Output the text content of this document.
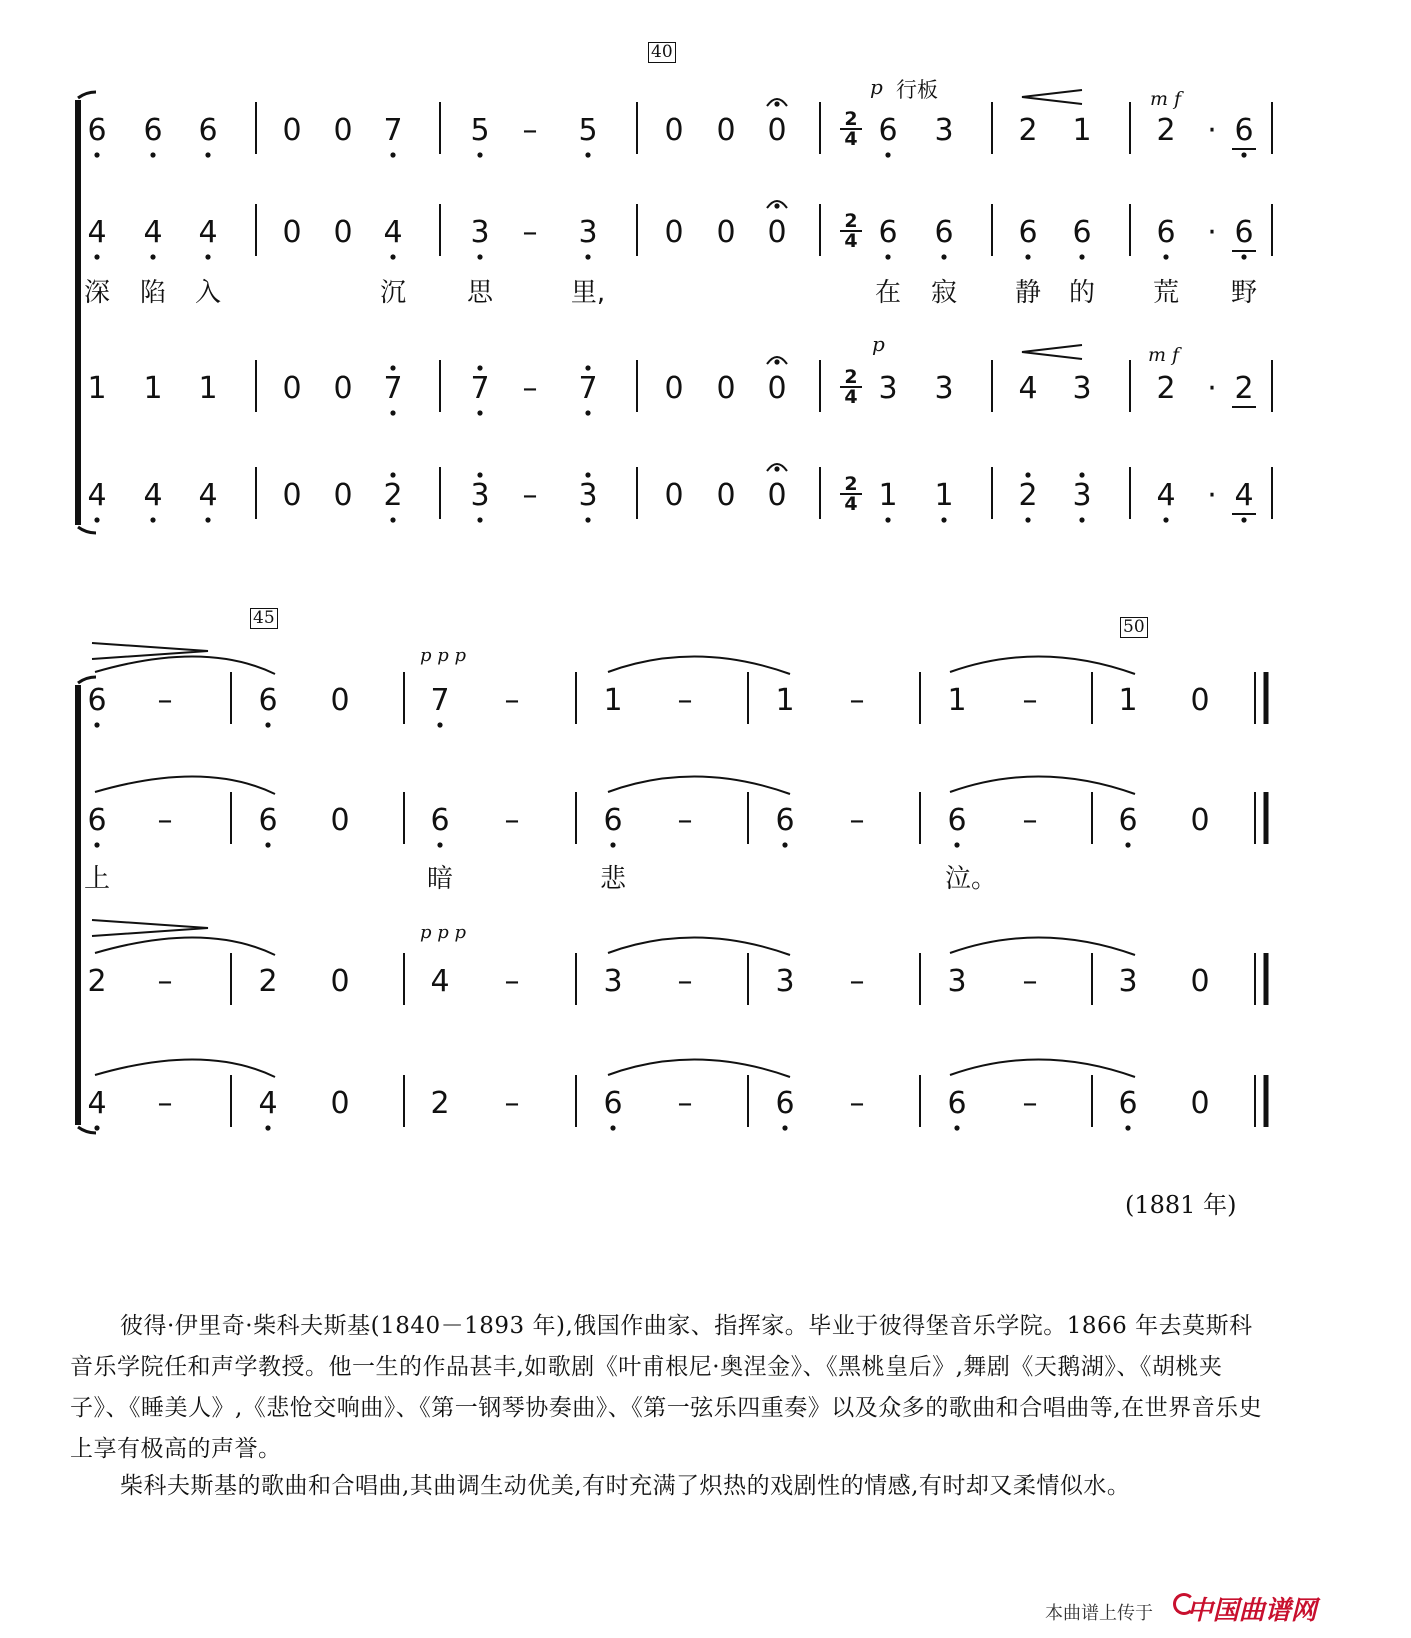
40
45	50
p 行板	m f
p	m f
p p p
p p p
6 6 6 0 0 7 5	–	5 0 0 0	6 3 2 1 2	· 6
4 4 4 0 0 4 3	–	3 0 0 0	6 6 6 6 6	· 6
1 1 1 0 0 7 7	–	7 0 0 0	3 3 4 3 2	· 2
4 4 4 0 0 2 3	–	3 0 0 0	1 1 2 3 4	· 4
6	–	6 0	7	–	1	–	1	–	1	–	1 0
6	–	6 0	6	–	6	–	6	–	6	–	6 0
2	–	2 0	4	–	3	–	3	–	3	–	3 0
4	–	4 0	2	–	6	–	6	–	6	–	6 0
2
4
2
4
2
4
2
4
深 陷 入	沉 思	里,	在 寂 静 的 荒 野
上	暗	悲	泣。
(1881 年)
彼得·伊里奇·柴科夫斯基(1840－1893 年),俄国作曲家、指挥家。毕业于彼得堡音乐学院。1866 年去莫斯科音乐学院任和声学教授。他一生的作品甚丰,如歌剧《叶甫根尼·奥涅金》、《黑桃皇后》,舞剧《天鹅湖》、《胡桃夹子》、《睡美人》,《悲怆交响曲》、《第一钢琴协奏曲》、《第一弦乐四重奏》以及众多的歌曲和合唱曲等,在世界音乐史上享有极高的声誉。
柴科夫斯基的歌曲和合唱曲,其曲调生动优美,有时充满了炽热的戏剧性的情感,有时却又柔情似水。
本曲谱上传于 中国曲谱网
